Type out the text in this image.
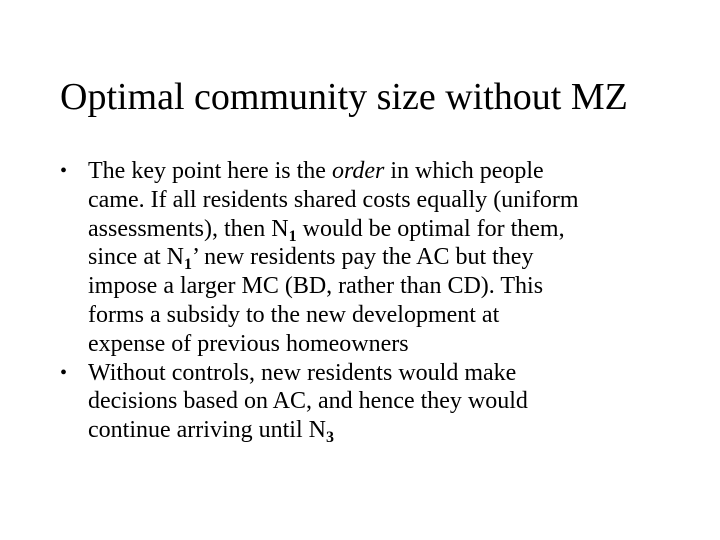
Optimal community size without MZ
• The key point here is the order in which people
came. If all residents shared costs equally (uniform
assessments), then $N_1$ would be optimal for them,
since at $N_1$’ new residents pay the AC but they
impose a larger MC (BD, rather than CD). This
forms a subsidy to the new development at
expense of previous homeowners
• Without controls, new residents would make
decisions based on AC, and hence they would
continue arriving until $N_3$
